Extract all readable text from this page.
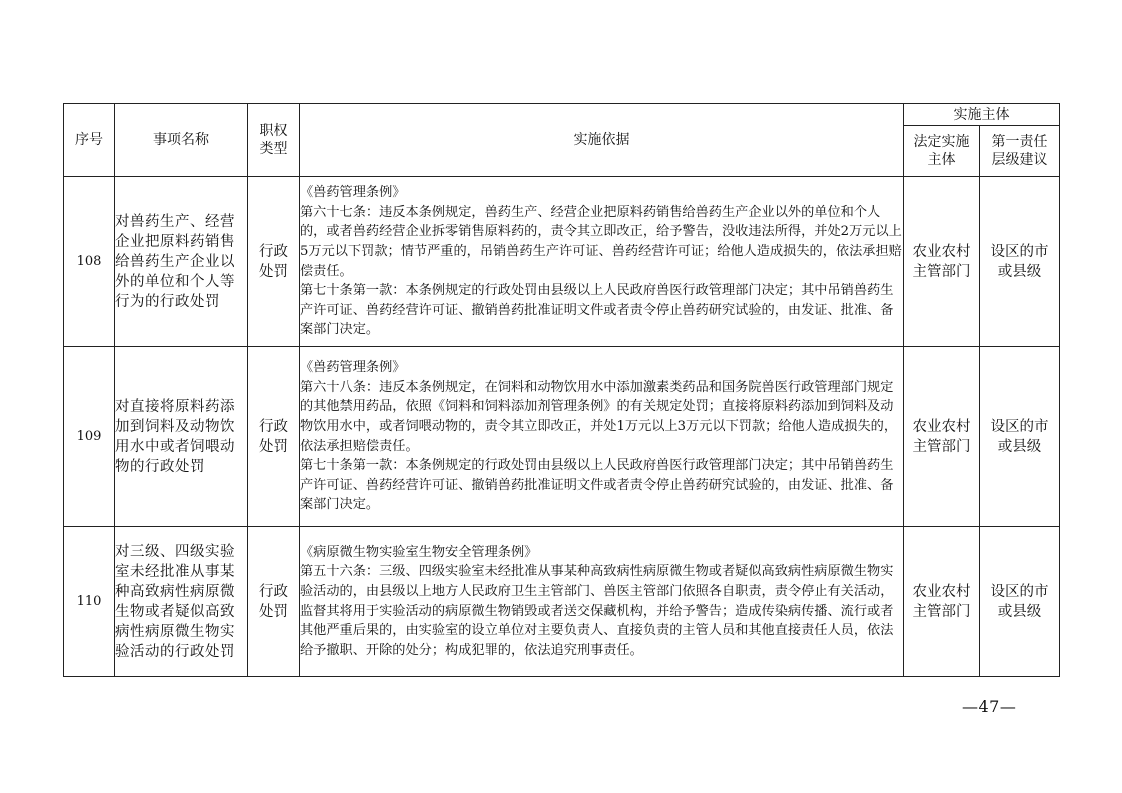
序号	事项名称	职权类型	实施依据	实施主体	
				法定实施主体	第一责任层级建议
108	对兽药生产、经营企业把原料药销售给兽药生产企业以外的单位和个人等行为的行政处罚	行政处罚	《兽药管理条例》

第六十七条：违反本条例规定，兽药生产、经营企业把原料药销售给兽药生产企业以外的单位和个人的，或者兽药经营企业拆零销售原料药的，责令其立即改正，给予警告，没收违法所得，并处2万元以上5万元以下罚款；情节严重的，吊销兽药生产许可证、兽药经营许可证；给他人造成损失的，依法承担赔偿责任。

第七十条第一款：本条例规定的行政处罚由县级以上人民政府兽医行政管理部门决定；其中吊销兽药生产许可证、兽药经营许可证、撤销兽药批准证明文件或者责令停止兽药研究试验的，由发证、批准、备案部门决定。	农业农村主管部门	设区的市或县级
109	对直接将原料药添加到饲料及动物饮用水中或者饲喂动物的行政处罚	行政处罚	《兽药管理条例》

第六十八条：违反本条例规定，在饲料和动物饮用水中添加激素类药品和国务院兽医行政管理部门规定的其他禁用药品，依照《饲料和饲料添加剂管理条例》的有关规定处罚；直接将原料药添加到饲料及动物饮用水中，或者饲喂动物的，责令其立即改正，并处1万元以上3万元以下罚款；给他人造成损失的，依法承担赔偿责任。

第七十条第一款：本条例规定的行政处罚由县级以上人民政府兽医行政管理部门决定；其中吊销兽药生产许可证、兽药经营许可证、撤销兽药批准证明文件或者责令停止兽药研究试验的，由发证、批准、备案部门决定。	农业农村主管部门	设区的市或县级
110	对三级、四级实验室未经批准从事某种高致病性病原微生物或者疑似高致病性病原微生物实验活动的行政处罚	行政处罚	《病原微生物实验室生物安全管理条例》

第五十六条：三级、四级实验室未经批准从事某种高致病性病原微生物或者疑似高致病性病原微生物实验活动的，由县级以上地方人民政府卫生主管部门、兽医主管部门依照各自职责，责令停止有关活动，监督其将用于实验活动的病原微生物销毁或者送交保藏机构，并给予警告；造成传染病传播、流行或者其他严重后果的，由实验室的设立单位对主要负责人、直接负责的主管人员和其他直接责任人员，依法给予撤职、开除的处分；构成犯罪的，依法追究刑事责任。	农业农村主管部门	设区的市或县级
—47—
